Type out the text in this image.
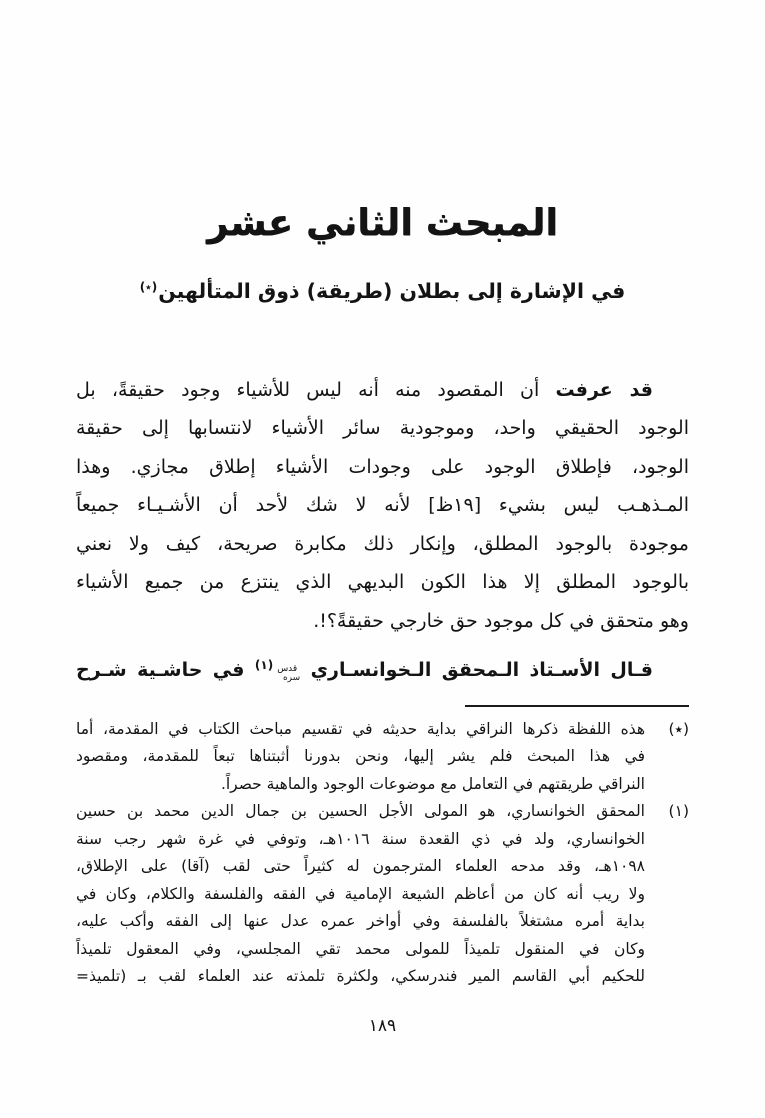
المبحث الثاني عشر
في الإشارة إلى بطلان (طريقة) ذوق المتألهين(٭)
قد عرفت أن المقصود منه أنه ليس للأشياء وجود حقيقةً، بل
الوجود الحقيقي واحد، وموجودية سائر الأشياء لانتسابها إلى حقيقة
الوجود، فإطلاق الوجود على وجودات الأشياء إطلاق مجازي. وهذا
المـذهـب ليس بشيء [١٩ظ] لأنه لا شك لأحد أن الأشـيـاء جميعاً
موجودة بالوجود المطلق، وإنكار ذلك مكابرة صريحة، كيف ولا نعني
بالوجود المطلق إلا هذا الكون البديهي الذي ينتزع من جميع الأشياء
وهو متحقق في كل موجود حق خارجي حقيقةً؟!.
قـال الأسـتاذ الـمحقق الـخوانسـاري قدس سره$^{(١)}$ في حاشـية شـرح
(٭)
هذه اللفظة ذكرها النراقي بداية حديثه في تقسيم مباحث الكتاب في المقدمة، أما
في هذا المبحث فلم يشر إليها، ونحن بدورنا أثبتناها تبعاً للمقدمة، ومقصود
النراقي طريقتهم في التعامل مع موضوعات الوجود والماهية حصراً.
(١)
المحقق الخوانساري، هو المولى الأجل الحسين بن جمال الدين محمد بن حسين
الخوانساري، ولد في ذي القعدة سنة ١٠١٦هـ، وتوفي في غرة شهر رجب سنة
١٠٩٨هـ، وقد مدحه العلماء المترجمون له كثيراً حتى لقب (آقا) على الإطلاق،
ولا ريب أنه كان من أعاظم الشيعة الإمامية في الفقه والفلسفة والكلام، وكان في
بداية أمره مشتغلاً بالفلسفة وفي أواخر عمره عدل عنها إلى الفقه وأكب عليه،
وكان في المنقول تلميذاً للمولى محمد تقي المجلسي، وفي المعقول تلميذاً
للحكيم أبي القاسم المير فندرسكي، ولكثرة تلمذته عند العلماء لقب بـ (تلميذ=
١٨٩
